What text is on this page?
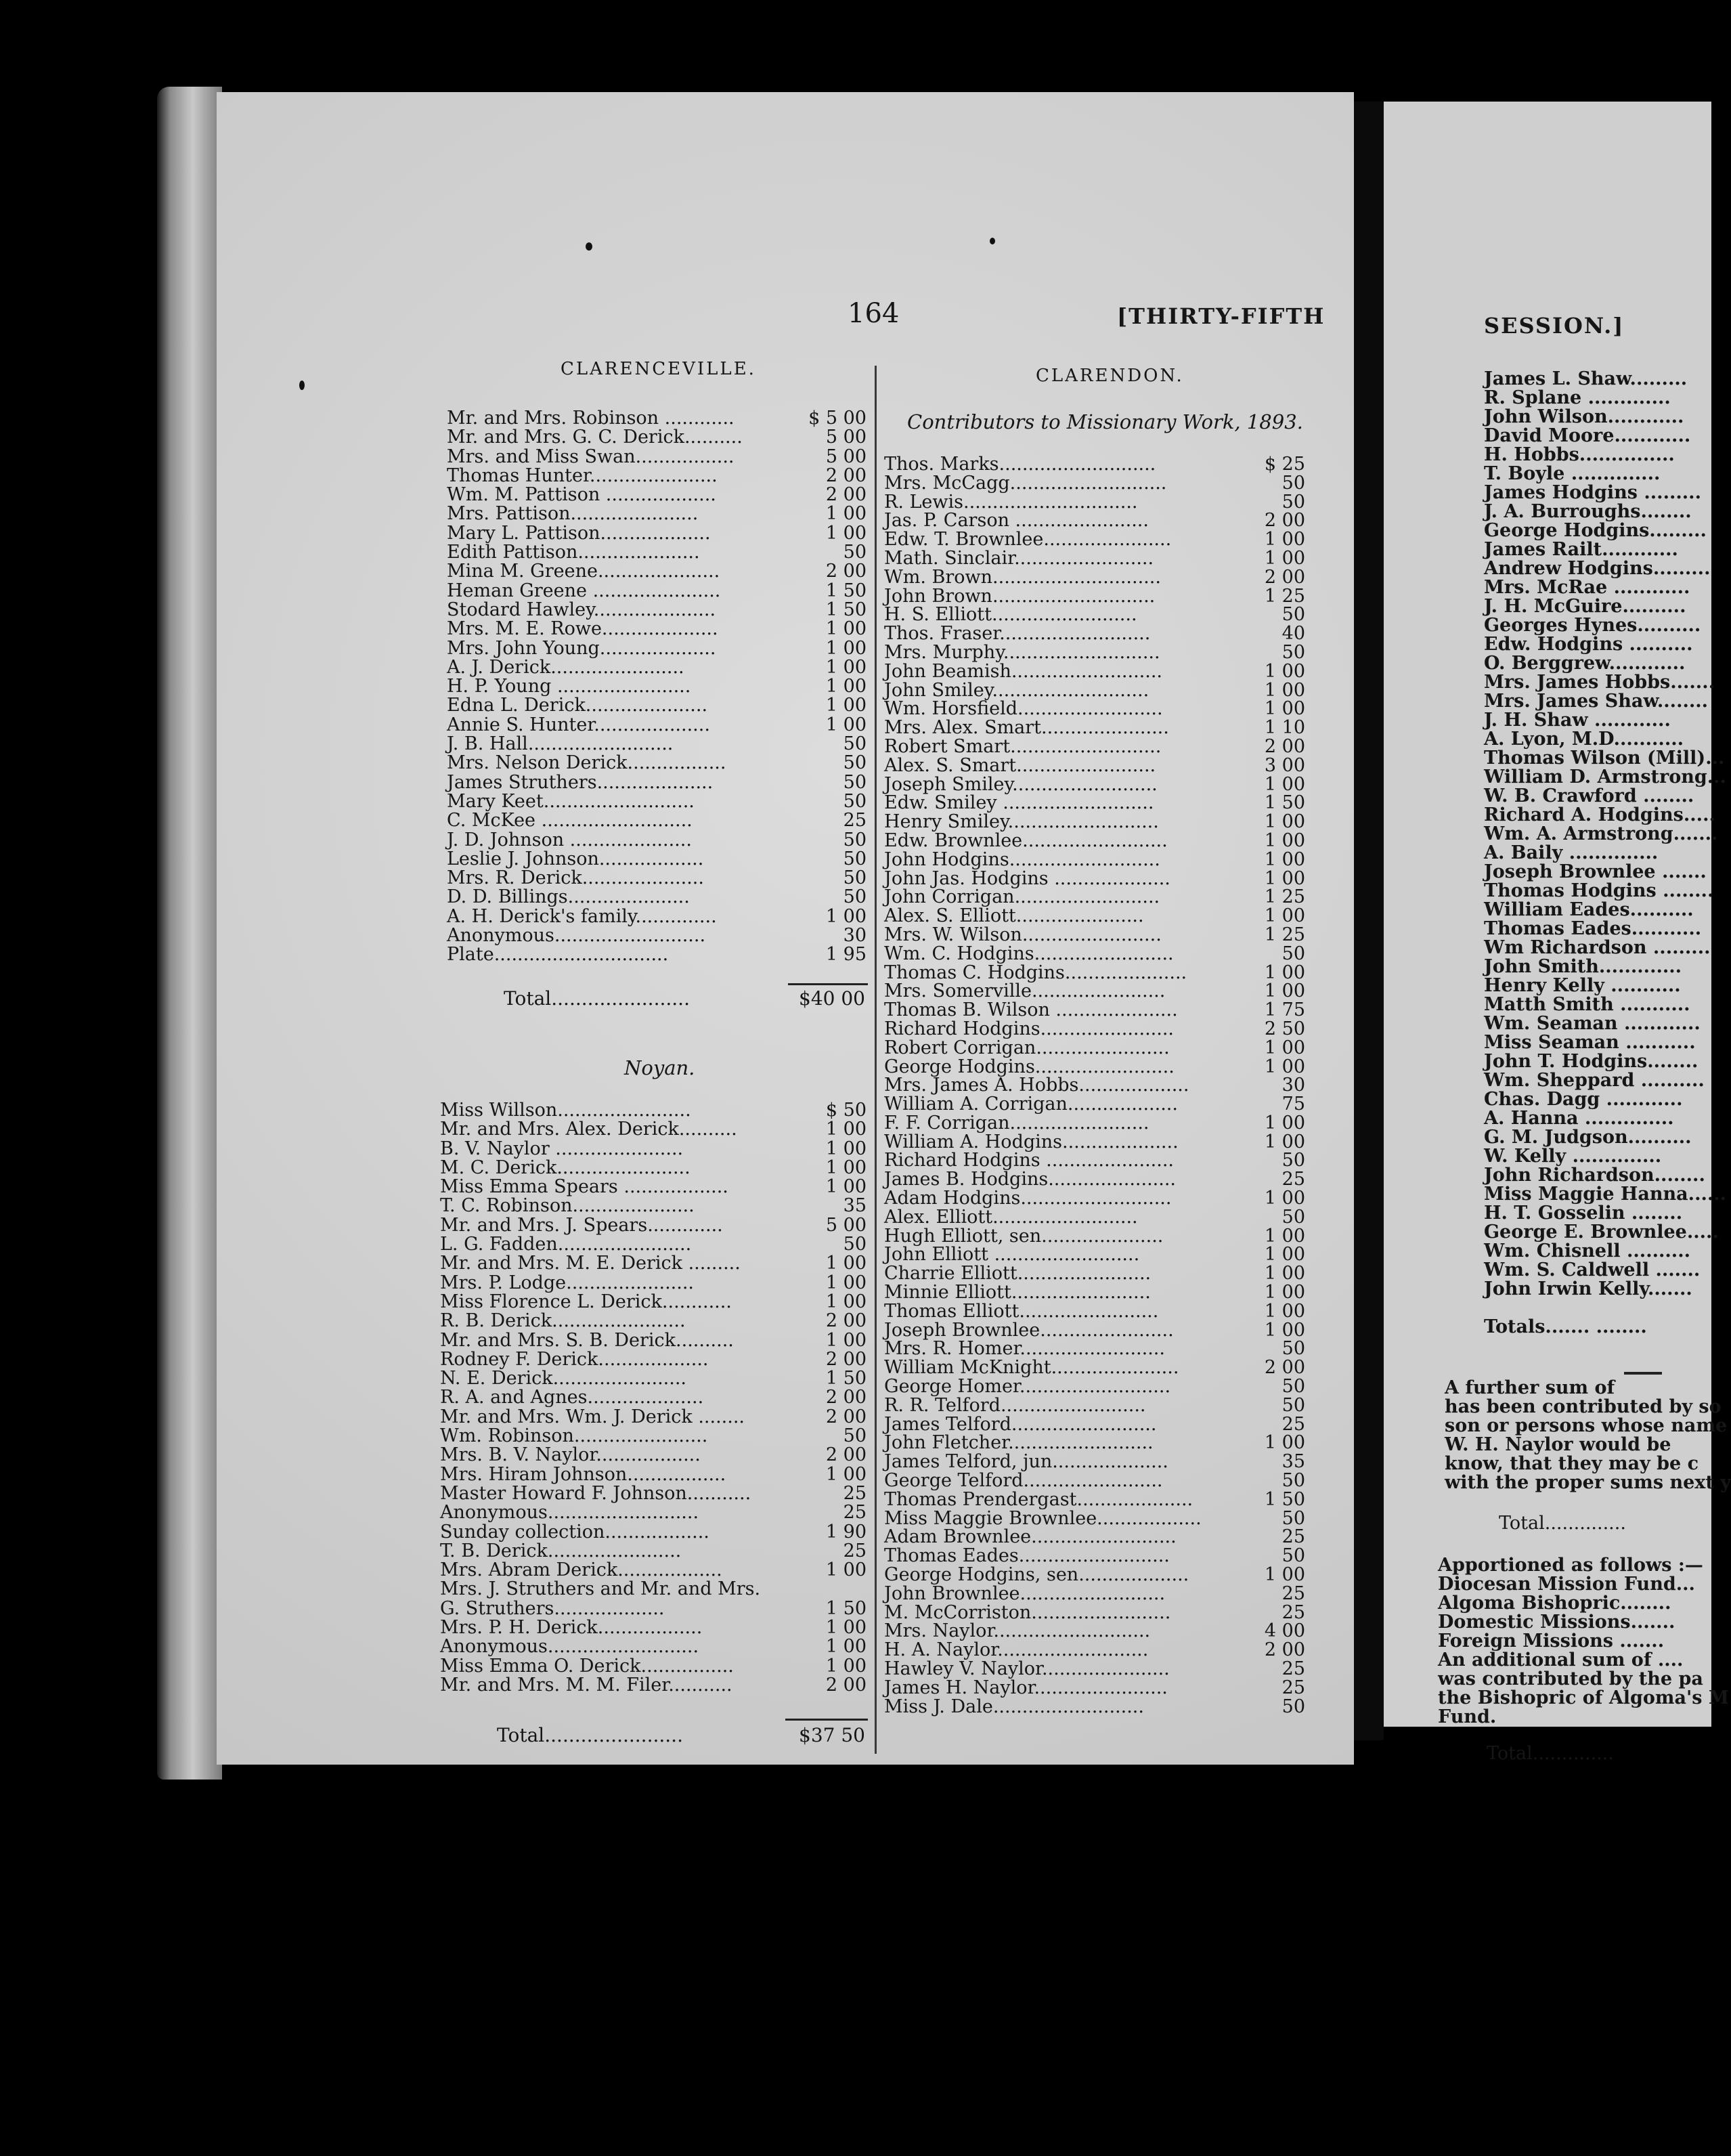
164	[THIRTY-FIFTH
CLARENCEVILLE.
Mr. and Mrs. Robinson ............	$ 5 00
Mr. and Mrs. G. C. Derick..........	5 00
Mrs. and Miss Swan.................	5 00
Thomas Hunter......................	2 00
Wm. M. Pattison ...................	2 00
Mrs. Pattison......................	1 00
Mary L. Pattison...................	1 00
Edith Pattison.....................	50
Mina M. Greene.....................	2 00
Heman Greene ......................	1 50
Stodard Hawley.....................	1 50
Mrs. M. E. Rowe....................	1 00
Mrs. John Young....................	1 00
A. J. Derick.......................	1 00
H. P. Young .......................	1 00
Edna L. Derick.....................	1 00
Annie S. Hunter....................	1 00
J. B. Hall.........................	50
Mrs. Nelson Derick.................	50
James Struthers....................	50
Mary Keet..........................	50
C. McKee ..........................	25
J. D. Johnson .....................	50
Leslie J. Johnson..................	50
Mrs. R. Derick.....................	50
D. D. Billings.....................	50
A. H. Derick's family..............	1 00
Anonymous..........................	30
Plate..............................	1 95
Total.......................	$40 00
Noyan.
Miss Willson.......................	$ 50
Mr. and Mrs. Alex. Derick..........	1 00
B. V. Naylor ......................	1 00
M. C. Derick.......................	1 00
Miss Emma Spears ..................	1 00
T. C. Robinson.....................	35
Mr. and Mrs. J. Spears.............	5 00
L. G. Fadden.......................	50
Mr. and Mrs. M. E. Derick .........	1 00
Mrs. P. Lodge......................	1 00
Miss Florence L. Derick............	1 00
R. B. Derick.......................	2 00
Mr. and Mrs. S. B. Derick..........	1 00
Rodney F. Derick...................	2 00
N. E. Derick.......................	1 50
R. A. and Agnes....................	2 00
Mr. and Mrs. Wm. J. Derick ........	2 00
Wm. Robinson.......................	50
Mrs. B. V. Naylor..................	2 00
Mrs. Hiram Johnson.................	1 00
Master Howard F. Johnson...........	25
Anonymous..........................	25
Sunday collection..................	1 90
T. B. Derick.......................	25
Mrs. Abram Derick..................	1 00
Mrs. J. Struthers and Mr. and Mrs.
G. Struthers...................	1 50
Mrs. P. H. Derick..................	1 00
Anonymous..........................	1 00
Miss Emma O. Derick................	1 00
Mr. and Mrs. M. M. Filer...........	2 00
Total.......................	$37 50
CLARENDON.
Contributors to Missionary Work, 1893.
Thos. Marks...........................	$ 25
Mrs. McCagg...........................	50
R. Lewis..............................	50
Jas. P. Carson .......................	2 00
Edw. T. Brownlee......................	1 00
Math. Sinclair........................	1 00
Wm. Brown.............................	2 00
John Brown............................	1 25
H. S. Elliott.........................	50
Thos. Fraser..........................	40
Mrs. Murphy...........................	50
John Beamish..........................	1 00
John Smiley...........................	1 00
Wm. Horsfield.........................	1 00
Mrs. Alex. Smart......................	1 10
Robert Smart..........................	2 00
Alex. S. Smart........................	3 00
Joseph Smiley.........................	1 00
Edw. Smiley ..........................	1 50
Henry Smiley..........................	1 00
Edw. Brownlee.........................	1 00
John Hodgins..........................	1 00
John Jas. Hodgins ....................	1 00
John Corrigan.........................	1 25
Alex. S. Elliott......................	1 00
Mrs. W. Wilson........................	1 25
Wm. C. Hodgins........................	50
Thomas C. Hodgins.....................	1 00
Mrs. Somerville.......................	1 00
Thomas B. Wilson .....................	1 75
Richard Hodgins.......................	2 50
Robert Corrigan.......................	1 00
George Hodgins........................	1 00
Mrs. James A. Hobbs...................	30
William A. Corrigan...................	75
F. F. Corrigan........................	1 00
William A. Hodgins....................	1 00
Richard Hodgins ......................	50
James B. Hodgins......................	25
Adam Hodgins..........................	1 00
Alex. Elliott.........................	50
Hugh Elliott, sen.....................	1 00
John Elliott .........................	1 00
Charrie Elliott.......................	1 00
Minnie Elliott........................	1 00
Thomas Elliott........................	1 00
Joseph Brownlee.......................	1 00
Mrs. R. Homer.........................	50
William McKnight......................	2 00
George Homer..........................	50
R. R. Telford.........................	50
James Telford.........................	25
John Fletcher.........................	1 00
James Telford, jun....................	35
George Telford........................	50
Thomas Prendergast....................	1 50
Miss Maggie Brownlee..................	50
Adam Brownlee.........................	25
Thomas Eades..........................	50
George Hodgins, sen...................	1 00
John Brownlee.........................	25
M. McCorriston........................	25
Mrs. Naylor...........................	4 00
H. A. Naylor..........................	2 00
Hawley V. Naylor......................	25
James H. Naylor.......................	25
Miss J. Dale..........................	50
SESSION.]
James L. Shaw.........
R. Splane .............
John Wilson............
David Moore............
H. Hobbs...............
T. Boyle ..............
James Hodgins .........
J. A. Burroughs........
George Hodgins.........
James Railt............
Andrew Hodgins.........
Mrs. McRae ............
J. H. McGuire..........
Georges Hynes..........
Edw. Hodgins ..........
O. Berggrew............
Mrs. James Hobbs.......
Mrs. James Shaw........
J. H. Shaw ............
A. Lyon, M.D...........
Thomas Wilson (Mill)...
William D. Armstrong...
W. B. Crawford ........
Richard A. Hodgins.....
Wm. A. Armstrong.......
A. Baily ..............
Joseph Brownlee .......
Thomas Hodgins ........
William Eades..........
Thomas Eades...........
Wm Richardson .........
John Smith.............
Henry Kelly ...........
Matth Smith ...........
Wm. Seaman ............
Miss Seaman ...........
John T. Hodgins........
Wm. Sheppard ..........
Chas. Dagg ............
A. Hanna ..............
G. M. Judgson..........
W. Kelly ..............
John Richardson........
Miss Maggie Hanna......
H. T. Gosselin ........
George E. Brownlee.....
Wm. Chisnell ..........
Wm. S. Caldwell .......
John Irwin Kelly.......
Totals....... ........
A further sum of
has been contributed by so
son or persons whose name
W. H. Naylor would be
know, that they may be c
with the proper sums next y
Total..............
Apportioned as follows :—
Diocesan Mission Fund...
Algoma Bishopric........
Domestic Missions.......
Foreign Missions .......
An additional sum of ....
was contributed by the pa
the Bishopric of Algoma's M
Fund.
Total..............
